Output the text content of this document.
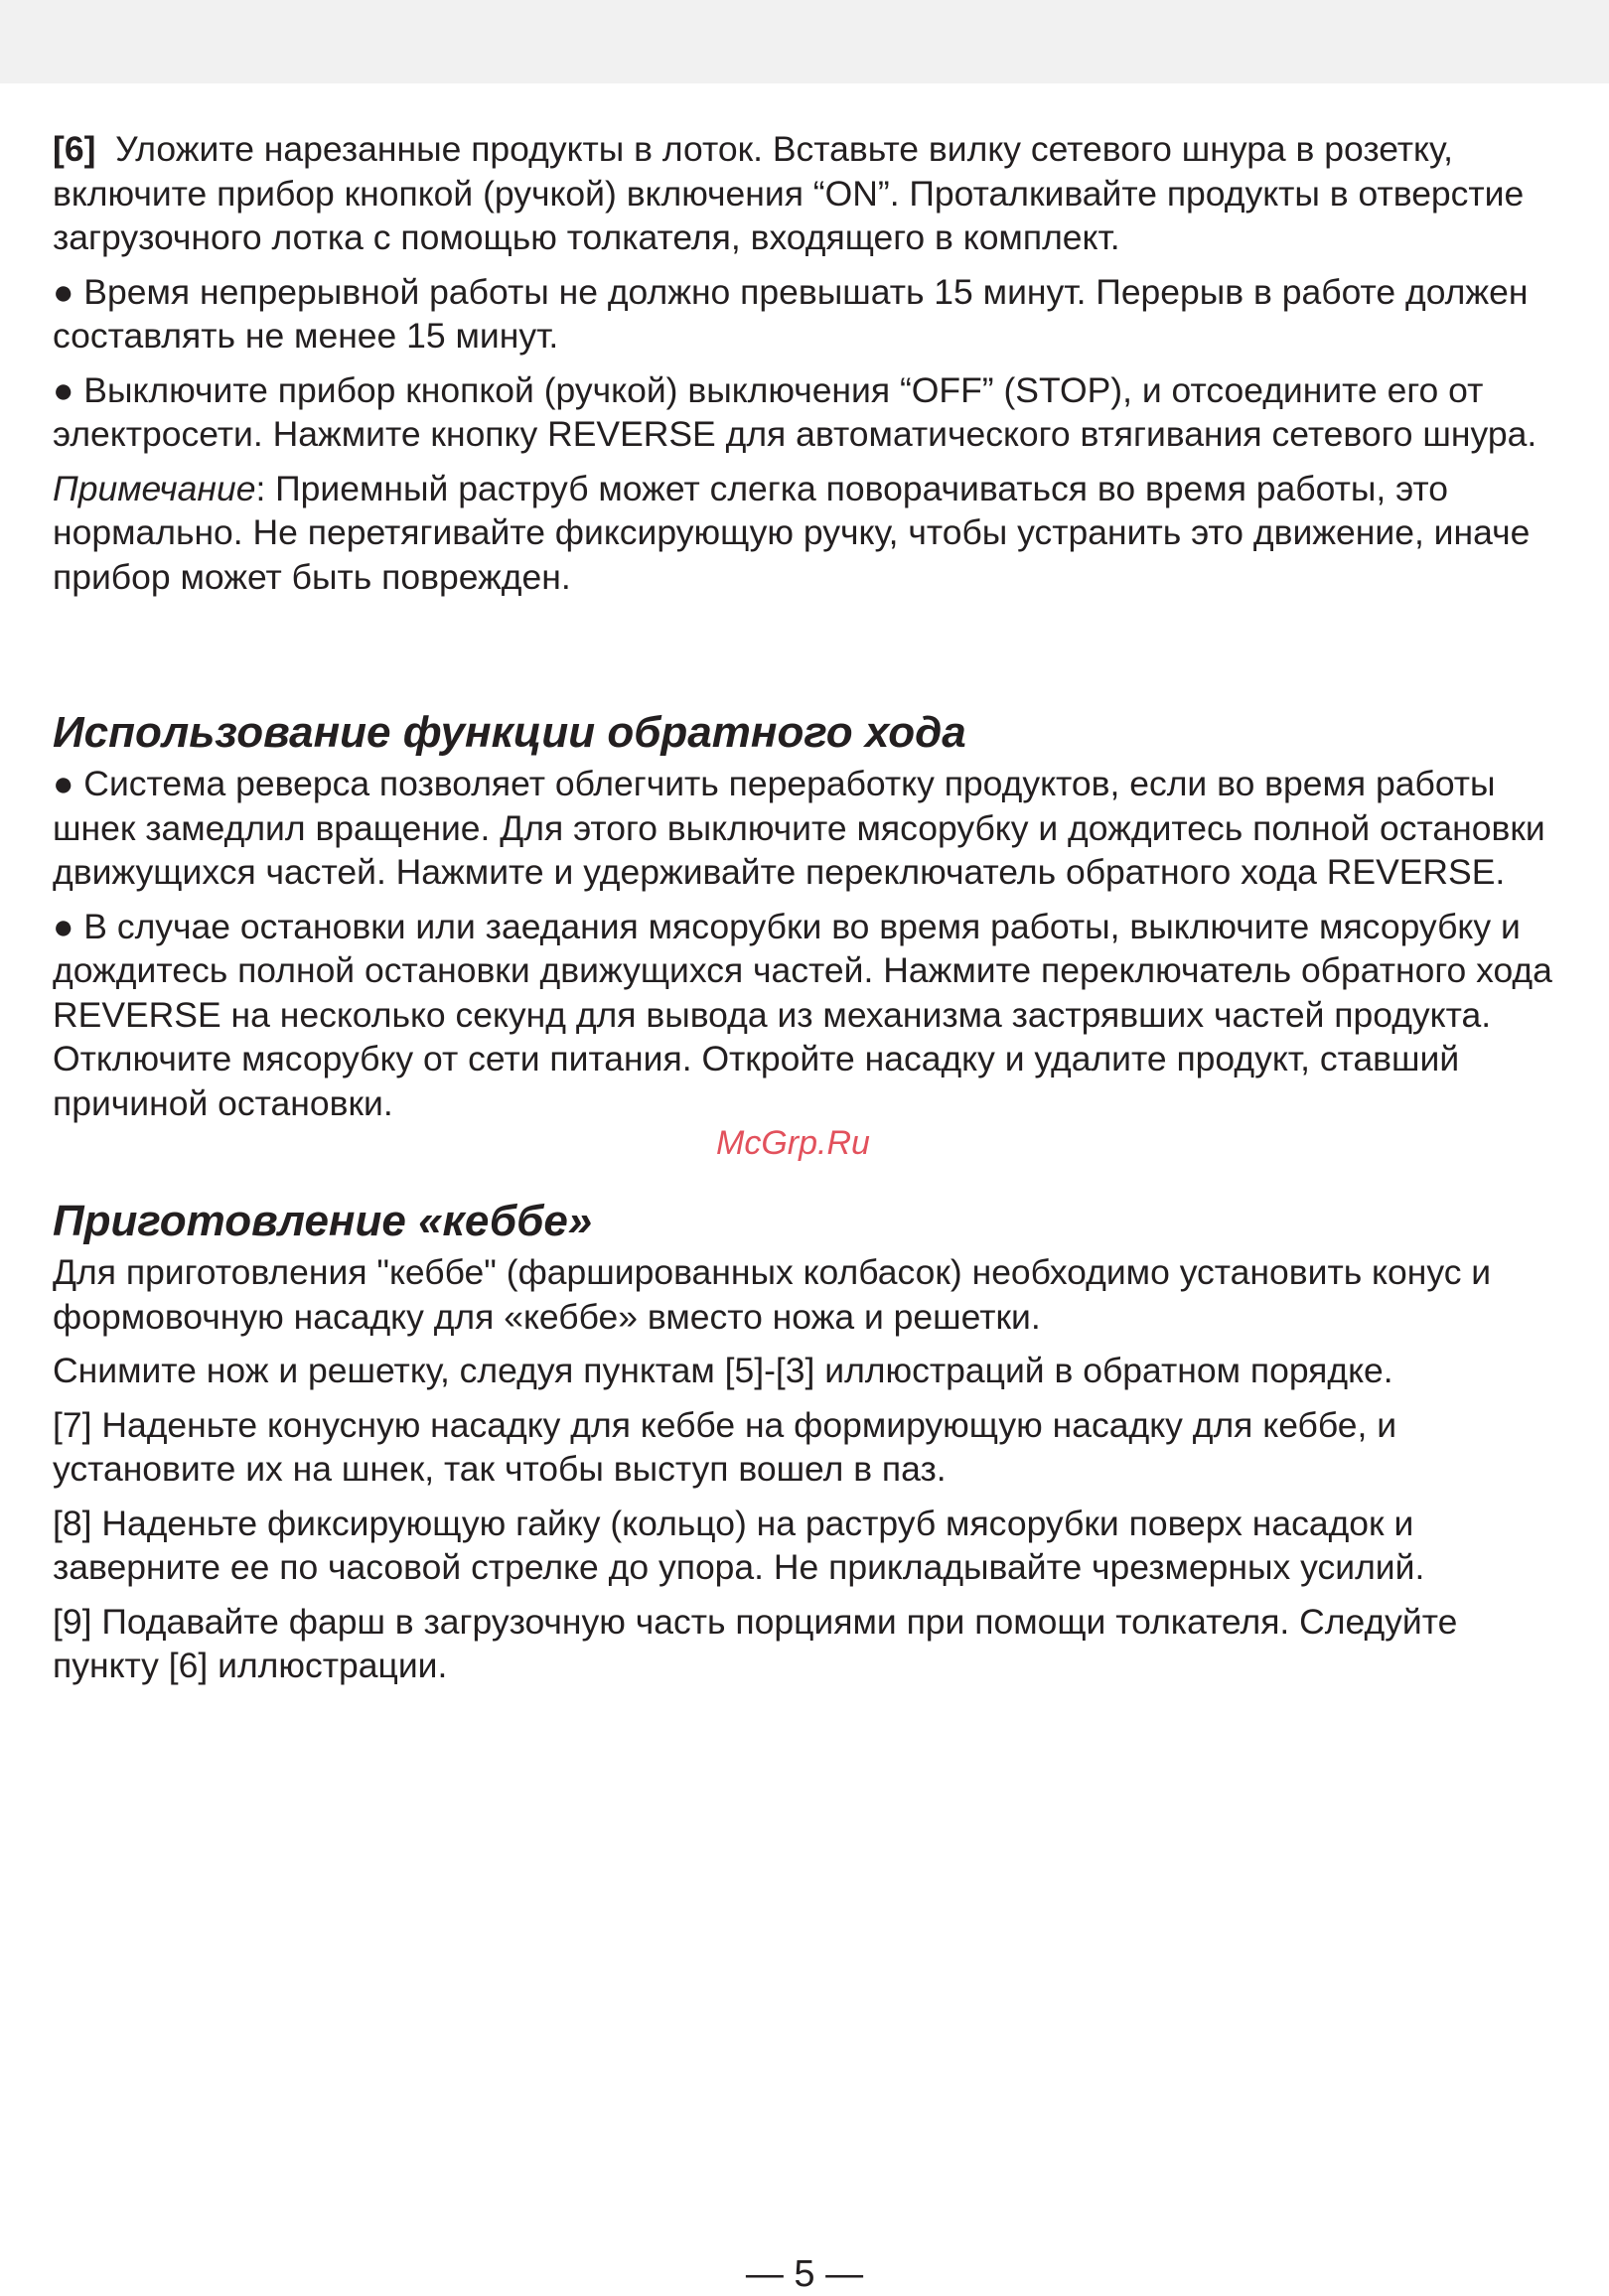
[6] Уложите нарезанные продукты в лоток. Вставьте вилку сетевого шнура в розетку, включите прибор кнопкой (ручкой) включения “ON”. Проталкивайте продукты в отверстие загрузочного лотка с помощью толкателя, входящего в комплект.

● Время непрерывной работы не должно превышать 15 минут. Перерыв в работе должен составлять не менее 15 минут.

● Выключите прибор кнопкой (ручкой) выключения “OFF” (STOP), и отсоедините его от электросети. Нажмите кнопку REVERSE для автоматического втягивания сетевого шнура.

Примечание: Приемный раструб может слегка поворачиваться во время работы, это нормально. Не перетягивайте фиксирующую ручку, чтобы устранить это движение, иначе прибор может быть поврежден.

Использование функции обратного хода

● Система реверса позволяет облегчить переработку продуктов, если во время работы шнек замедлил вращение. Для этого выключите мясорубку и дождитесь полной остановки движущихся частей. Нажмите и удерживайте переключатель обратного хода REVERSE.

● В случае остановки или заедания мясорубки во время работы, выключите мясорубку и дождитесь полной остановки движущихся частей. Нажмите переключатель обратного хода REVERSE на несколько секунд для вывода из механизма застрявших частей продукта. Отключите мясорубку от сети питания. Откройте насадку и удалите продукт, ставший причиной остановки.

Приготовление «кеббе»

Для приготовления "кеббе" (фаршированных колбасок) необходимо установить конус и формовочную насадку для «кеббе» вместо ножа и решетки.

Снимите нож и решетку, следуя пунктам [5]-[3] иллюстраций в обратном порядке.

[7] Наденьте конусную насадку для кеббе на формирующую насадку для кеббе, и установите их на шнек, так чтобы выступ вошел в паз.

[8] Наденьте фиксирующую гайку (кольцо) на раструб мясорубки поверх насадок и заверните ее по часовой стрелке до упора. Не прикладывайте чрезмерных усилий.

[9] Подавайте фарш в загрузочную часть порциями при помощи толкателя. Следуйте пункту [6] иллюстрации.

McGrp.Ru
— 5 —
